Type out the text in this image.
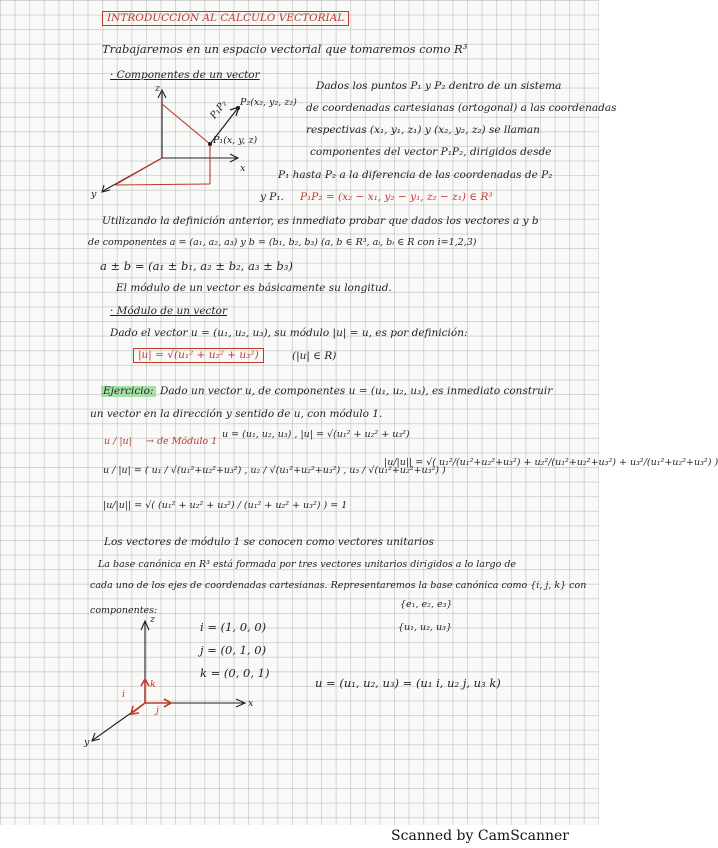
INTRODUCCIÓN AL CÁLCULO VECTORIAL
Trabajaremos en un espacio vectorial que tomaremos como R³
· Componentes de un vector
z
x
y
P₂(x₂, y₂, z₂)
P₁(x, y, z)
P₁P₂
Dados los puntos P₁ y P₂ dentro de un sistema
de coordenadas cartesianas (ortogonal) a las coordenadas
respectivas (x₁, y₁, z₁) y (x₂, y₂, z₂) se llaman
componentes del vector P₁P₂, dirigidos desde
P₁ hasta P₂ a la diferencia de las coordenadas de P₂
y P₁. P₁P₂ = (x₂ − x₁, y₂ − y₁, z₂ − z₁) ∈ R³
Utilizando la definición anterior, es inmediato probar que dados los vectores a y b
de componentes a = (a₁, a₂, a₃) y b = (b₁, b₂, b₃) (a, b ∈ R³, aᵢ, bᵢ ∈ R con i=1,2,3)
a ± b = (a₁ ± b₁, a₂ ± b₂, a₃ ± b₃)
El módulo de un vector es básicamente su longitud.
· Módulo de un vector
Dado el vector u = (u₁, u₂, u₃), su módulo |u| = u, es por definición:
|u| = √(u₁² + u₂² + u₃²)	(|u| ∈ R)
Ejercicio: Dado un vector u, de componentes u = (u₁, u₂, u₃), es inmediato construir
un vector en la dirección y sentido de u, con módulo 1.
u / |u| → de Módulo 1
u = (u₁, u₂, u₃) , |u| = √(u₁² + u₂² + u₃²)
u / |u| = ( u₁ / √(u₁²+u₂²+u₃²) , u₂ / √(u₁²+u₂²+u₃²) , u₃ / √(u₁²+u₂²+u₃²) )
|u/|u|| = √( u₁²/(u₁²+u₂²+u₃²) + u₂²/(u₁²+u₂²+u₃²) + u₃²/(u₁²+u₂²+u₃²) )
|u/|u|| = √( (u₁² + u₂² + u₃²) / (u₁² + u₂² + u₃²) ) = 1
Los vectores de módulo 1 se conocen como vectores unitarios
La base canónica en R³ está formada por tres vectores unitarios dirigidos a lo largo de
cada uno de los ejes de coordenadas cartesianas. Representaremos la base canónica como {i, j, k} con
componentes:
{e₁, e₂, e₃}
{u₁, u₂, u₃}
i = (1, 0, 0)
j = (0, 1, 0)
k = (0, 0, 1)
u = (u₁, u₂, u₃) = (u₁ i, u₂ j, u₃ k)
z
x
y
k
j
i
Scanned by CamScanner
